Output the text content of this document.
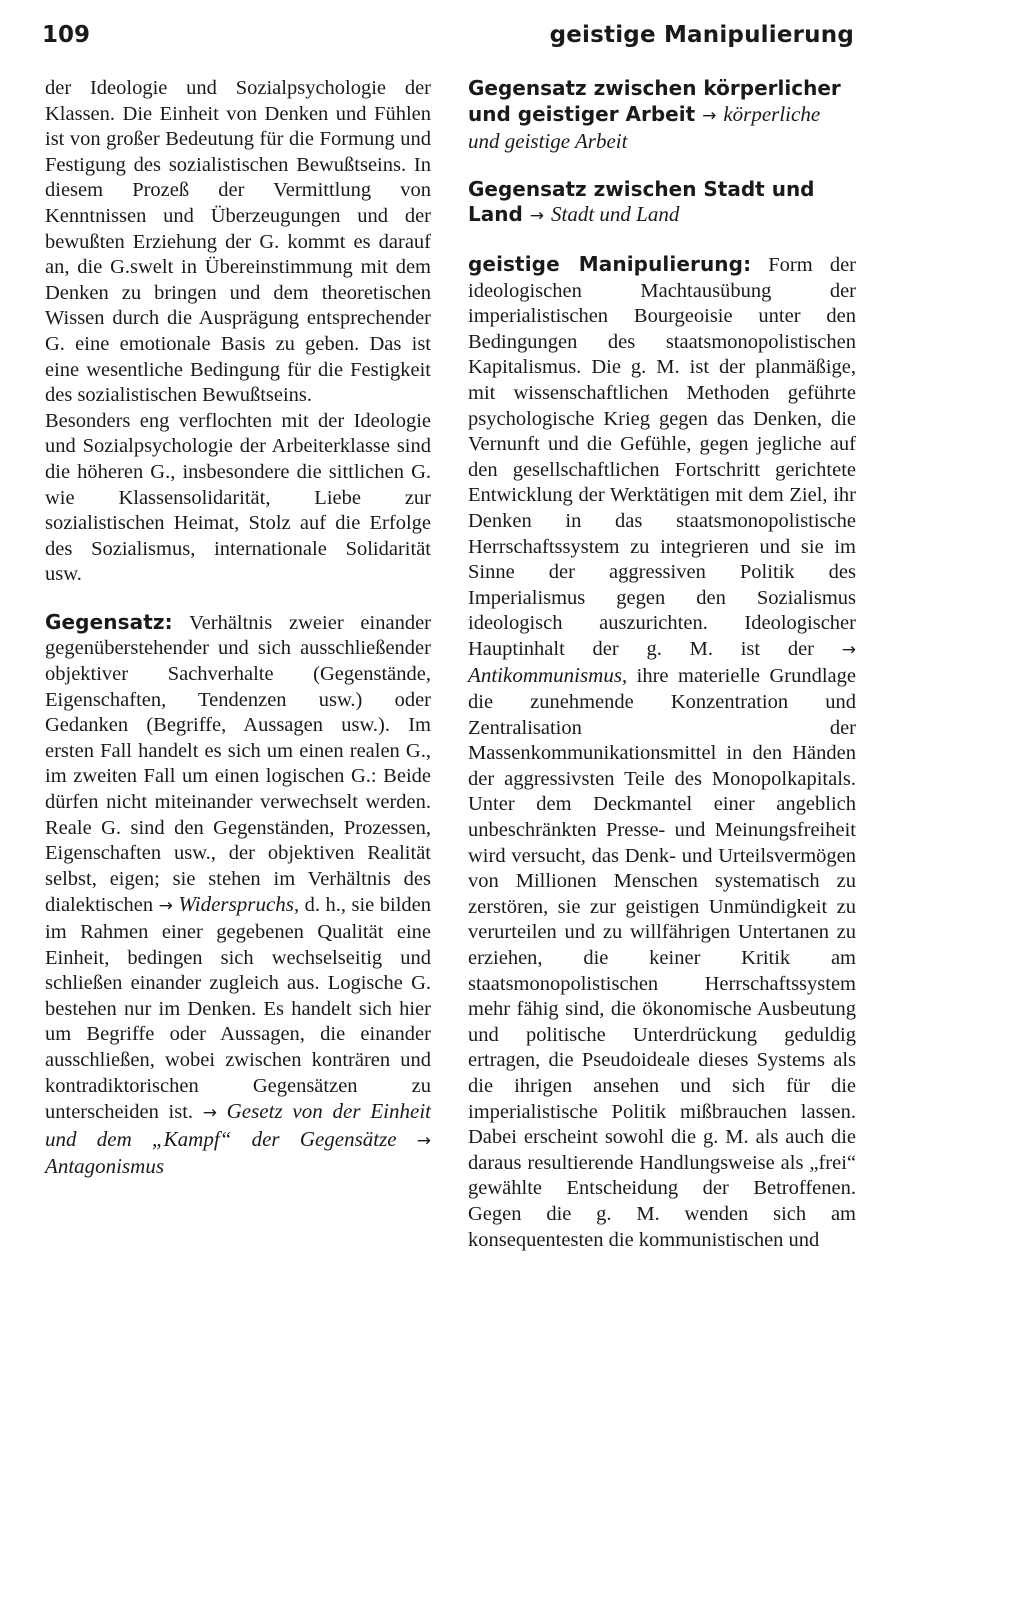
109	geistige Manipulierung

der Ideologie und Sozialpsychologie der Klassen. Die Einheit von Denken und Fühlen ist von großer Bedeutung für die Formung und Festigung des sozialistischen Bewußtseins. In diesem Prozeß der Vermittlung von Kenntnissen und Überzeugungen und der bewußten Erziehung der G. kommt es darauf an, die G.swelt in Übereinstimmung mit dem Denken zu bringen und dem theoretischen Wissen durch die Ausprägung entsprechender G. eine emotionale Basis zu geben. Das ist eine wesentliche Bedingung für die Festigkeit des sozialistischen Bewußtseins.

Besonders eng verflochten mit der Ideologie und Sozialpsychologie der Arbeiterklasse sind die höheren G., insbesondere die sittlichen G. wie Klassensolidarität, Liebe zur sozialistischen Heimat, Stolz auf die Erfolge des Sozialismus, internationale Solidarität usw.

Gegensatz: Verhältnis zweier einander gegenüberstehender und sich ausschließender objektiver Sachverhalte (Gegenstände, Eigenschaften, Tendenzen usw.) oder Gedanken (Begriffe, Aussagen usw.). Im ersten Fall handelt es sich um einen realen G., im zweiten Fall um einen logischen G.: Beide dürfen nicht miteinander verwechselt werden. Reale G. sind den Gegenständen, Prozessen, Eigenschaften usw., der objektiven Realität selbst, eigen; sie stehen im Verhältnis des dialektischen → Widerspruchs, d. h., sie bilden im Rahmen einer gegebenen Qualität eine Einheit, bedingen sich wechselseitig und schließen einander zugleich aus. Logische G. bestehen nur im Denken. Es handelt sich hier um Begriffe oder Aussagen, die einander ausschließen, wobei zwischen konträren und kontradiktorischen Gegensätzen zu unterscheiden ist. → Gesetz von der Einheit und dem „Kampf“ der Gegensätze → Antagonismus

Gegensatz zwischen körperlicher und geistiger Arbeit → körperliche und geistige Arbeit

Gegensatz zwischen Stadt und Land → Stadt und Land

geistige Manipulierung: Form der ideologischen Machtausübung der imperialistischen Bourgeoisie unter den Bedingungen des staatsmonopolistischen Kapitalismus. Die g. M. ist der planmäßige, mit wissenschaftlichen Methoden geführte psychologische Krieg gegen das Denken, die Vernunft und die Gefühle, gegen jegliche auf den gesellschaftlichen Fortschritt gerichtete Entwicklung der Werktätigen mit dem Ziel, ihr Denken in das staatsmonopolistische Herrschaftssystem zu integrieren und sie im Sinne der aggressiven Politik des Imperialismus gegen den Sozialismus ideologisch auszurichten. Ideologischer Hauptinhalt der g. M. ist der → Antikommunismus, ihre materielle Grundlage die zunehmende Konzentration und Zentralisation der Massenkommunikationsmittel in den Händen der aggressivsten Teile des Monopolkapitals. Unter dem Deckmantel einer angeblich unbeschränkten Presse- und Meinungsfreiheit wird versucht, das Denk- und Urteilsvermögen von Millionen Menschen systematisch zu zerstören, sie zur geistigen Unmündigkeit zu verurteilen und zu willfährigen Untertanen zu erziehen, die keiner Kritik am staatsmonopolistischen Herrschaftssystem mehr fähig sind, die ökonomische Ausbeutung und politische Unterdrückung geduldig ertragen, die Pseudoideale dieses Systems als die ihrigen ansehen und sich für die imperialistische Politik mißbrauchen lassen. Dabei erscheint sowohl die g. M. als auch die daraus resultierende Handlungsweise als „frei“ gewählte Entscheidung der Betroffenen. Gegen die g. M. wenden sich am konsequentesten die kommunistischen und
